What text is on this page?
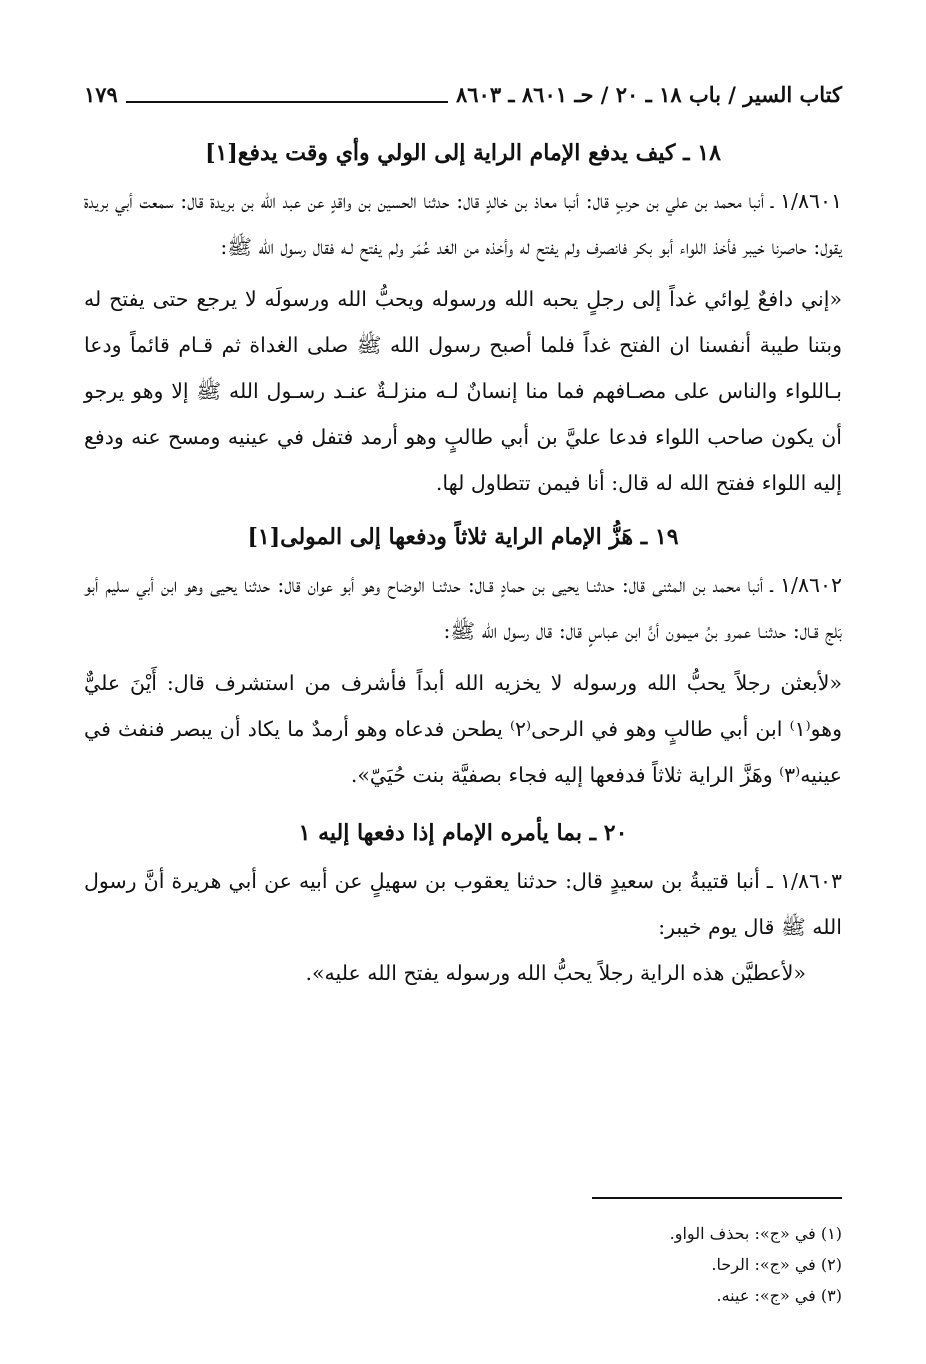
كتاب السير / باب ١٨ ـ ٢٠ / حـ ٨٦٠١ ـ ٨٦٠٣
١٧٩
١٨ ـ كيف يدفع الإمام الراية إلى الولي وأي وقت يدفع[١]

١/٨٦٠١ ـ أنبا محمد بن علي بن حربٍ قال: أنبا معاذ بن خالدٍ قال: حدثنا الحسين بن واقدٍ عن عبد الله بن بريدة قال: سمعت أبي بريدة يقول: حاصرنا خيبر فأخذ اللواء أبو بكر فانصرف ولم يفتح له وأخذه من الغد عُمَر ولم يفتح لـه فقال رسول الله ﷺ:

«إني دافعٌ لِوائي غداً إلى رجلٍ يحبه الله ورسوله ويحبُّ الله ورسولَه لا يرجع حتى يفتح له وبتنا طيبة أنفسنا ان الفتح غداً فلما أصبح رسول الله ﷺ صلى الغداة ثم قـام قائماً ودعا بـاللواء والناس على مصـافهم فما منا إنسانٌ لـه منزلـةٌ عنـد رسـول الله ﷺ إلا وهو يرجو أن يكون صاحب اللواء فدعا عليَّ بن أبي طالبٍ وهو أرمد فتفل في عينيه ومسح عنه ودفع إليه اللواء ففتح الله له قال: أنا فيمن تتطاول لها.

١٩ ـ هَزُّ الإمام الراية ثلاثاً ودفعها إلى المولى[١]

١/٨٦٠٢ ـ أنبا محمد بن المثنى قال: حدثنـا يحيى بن حمادٍ قـال: حدثنـا الوضاح وهو أبو عوان قال: حدثنا يحيى وهو ابن أبي سليم أبو بَلج قـال: حدثنـا عمرو بنُ ميمون أنَّ ابن عباسٍ قال: قال رسول الله ﷺ:

«لأبعثن رجلاً يحبُّ الله ورسوله لا يخزيه الله أبداً فأشرف من استشرف قال: أَيْنَ عليٌّ وهو⁽١⁾ ابن أبي طالبٍ وهو في الرحى⁽٢⁾ يطحن فدعاه وهو أرمدٌ ما يكاد أن يبصر فنفث في عينيه⁽٣⁾ وهَزَّ الراية ثلاثاً فدفعها إليه فجاء بصفيَّة بنت حُيَيّ».

٢٠ ـ بما يأمره الإمام إذا دفعها إليه ١

١/٨٦٠٣ ـ أنبا قتيبةُ بن سعيدٍ قال: حدثنا يعقوب بن سهيلٍ عن أبيه عن أبي هريرة أنَّ رسول الله ﷺ قال يوم خيبر:

«لأعطيَّن هذه الراية رجلاً يحبُّ الله ورسوله يفتح الله عليه».

(١) في «ج»: بحذف الواو.
(٢) في «ج»: الرحا.
(٣) في «ج»: عينه.
